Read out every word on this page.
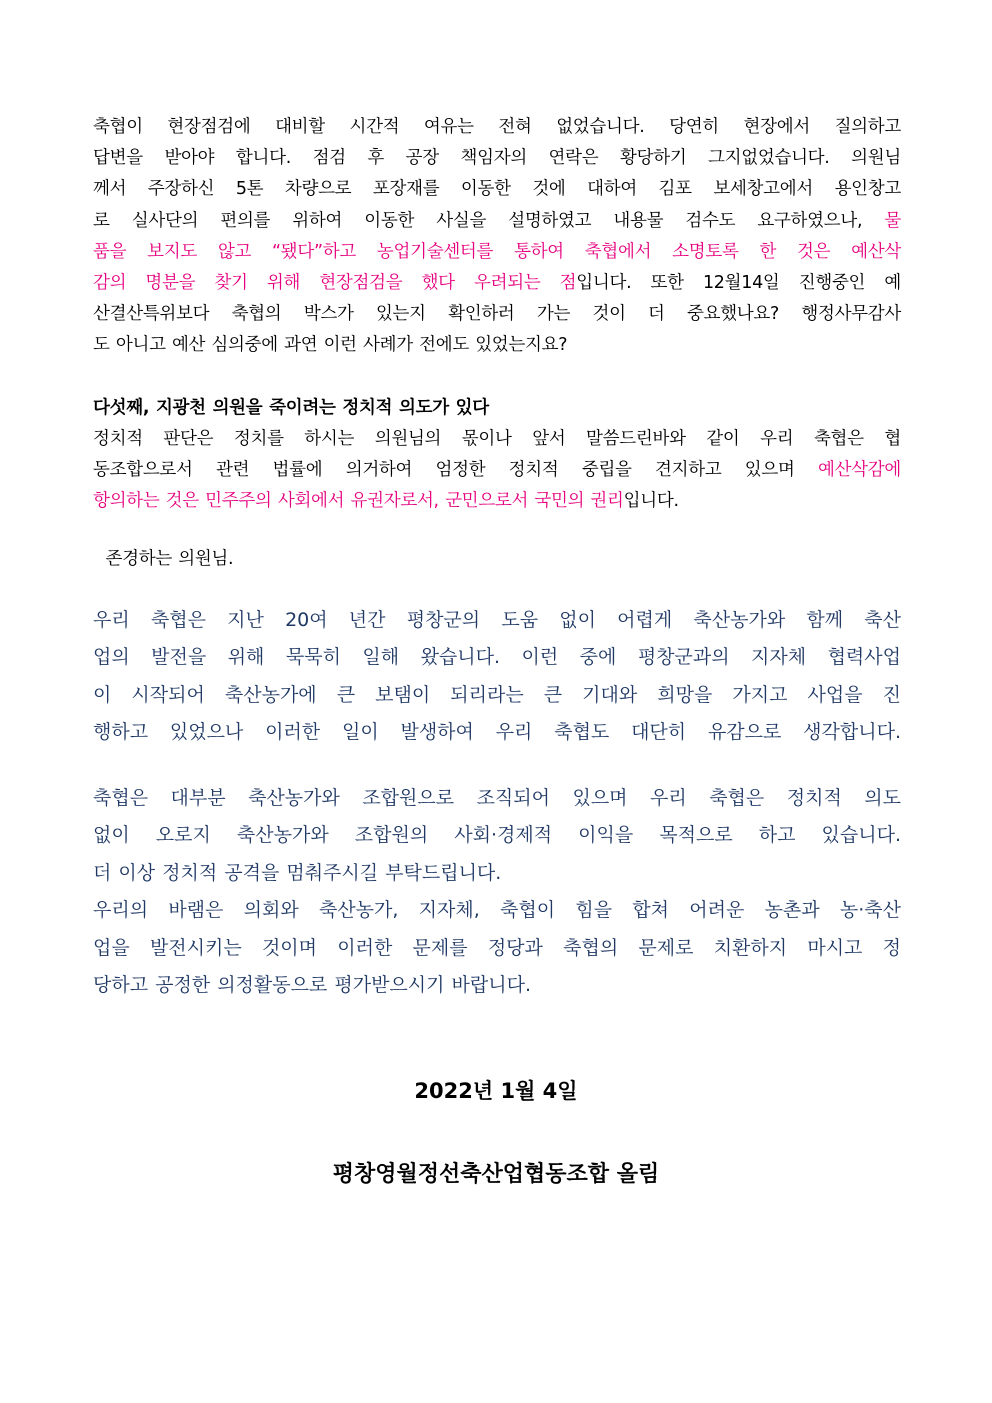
축협이 현장점검에 대비할 시간적 여유는 전혀 없었습니다. 당연히 현장에서 질의하고
답변을 받아야 합니다. 점검 후 공장 책임자의 연락은 황당하기 그지없었습니다. 의원님
께서 주장하신 5톤 차량으로 포장재를 이동한 것에 대하여 김포 보세창고에서 용인창고
로 실사단의 편의를 위하여 이동한 사실을 설명하였고 내용물 검수도 요구하였으나, 물
품을 보지도 않고 “됐다”하고 농업기술센터를 통하여 축협에서 소명토록 한 것은 예산삭
감의 명분을 찾기 위해 현장점검을 했다 우려되는 점입니다. 또한 12월14일 진행중인 예
산결산특위보다 축협의 박스가 있는지 확인하러 가는 것이 더 중요했나요? 행정사무감사
도 아니고 예산 심의중에 과연 이런 사례가 전에도 있었는지요?
다섯째, 지광천 의원을 죽이려는 정치적 의도가 있다
정치적 판단은 정치를 하시는 의원님의 몫이나 앞서 말씀드린바와 같이 우리 축협은 협
동조합으로서 관련 법률에 의거하여 엄정한 정치적 중립을 견지하고 있으며 예산삭감에
항의하는 것은 민주주의 사회에서 유권자로서, 군민으로서 국민의 권리입니다.
존경하는 의원님.
우리 축협은 지난 20여 년간 평창군의 도움 없이 어렵게 축산농가와 함께 축산
업의 발전을 위해 묵묵히 일해 왔습니다. 이런 중에 평창군과의 지자체 협력사업
이 시작되어 축산농가에 큰 보탬이 되리라는 큰 기대와 희망을 가지고 사업을 진
행하고 있었으나 이러한 일이 발생하여 우리 축협도 대단히 유감으로 생각합니다.
축협은 대부분 축산농가와 조합원으로 조직되어 있으며 우리 축협은 정치적 의도
없이 오로지 축산농가와 조합원의 사회·경제적 이익을 목적으로 하고 있습니다.
더 이상 정치적 공격을 멈춰주시길 부탁드립니다.
우리의 바램은 의회와 축산농가, 지자체, 축협이 힘을 합쳐 어려운 농촌과 농·축산
업을 발전시키는 것이며 이러한 문제를 정당과 축협의 문제로 치환하지 마시고 정
당하고 공정한 의정활동으로 평가받으시기 바랍니다.
2022년 1월 4일
평창영월정선축산업협동조합 올림
